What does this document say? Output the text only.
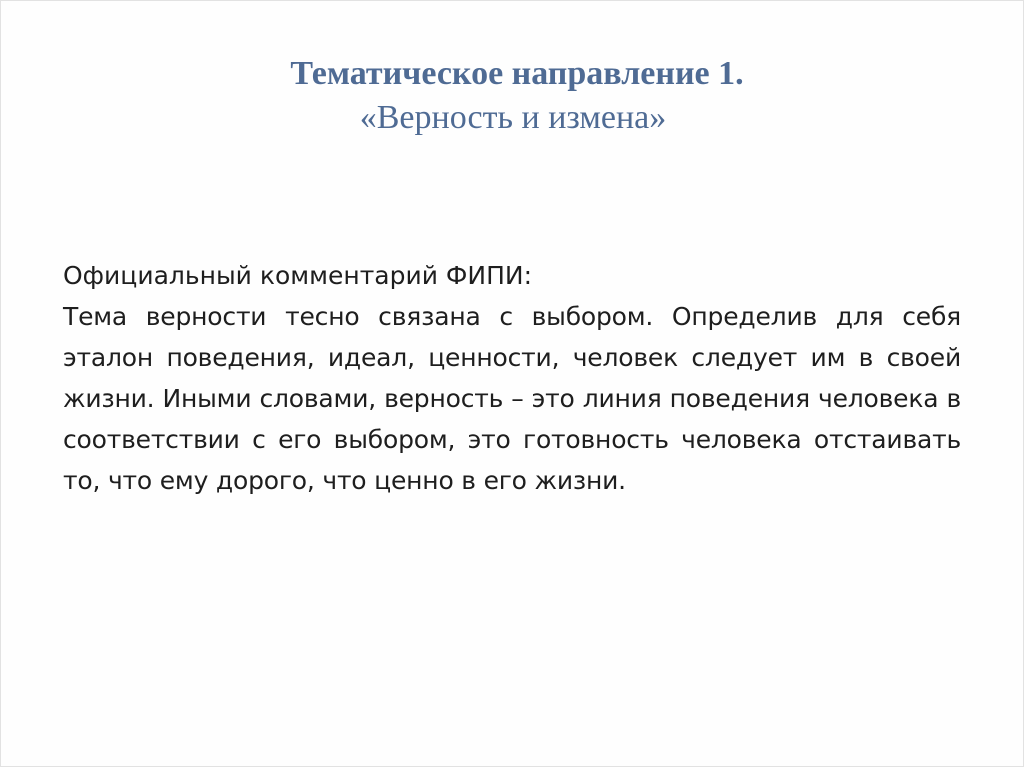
Тематическое направление 1.
«Верность и измена»
Официальный комментарий ФИПИ:
Тема верности тесно связана с выбором. Определив для себя эталон поведения, идеал, ценности, человек следует им в своей жизни. Иными словами, верность – это линия поведения человека в соответствии с его выбором, это готовность человека отстаивать то, что ему дорого, что ценно в его жизни.
